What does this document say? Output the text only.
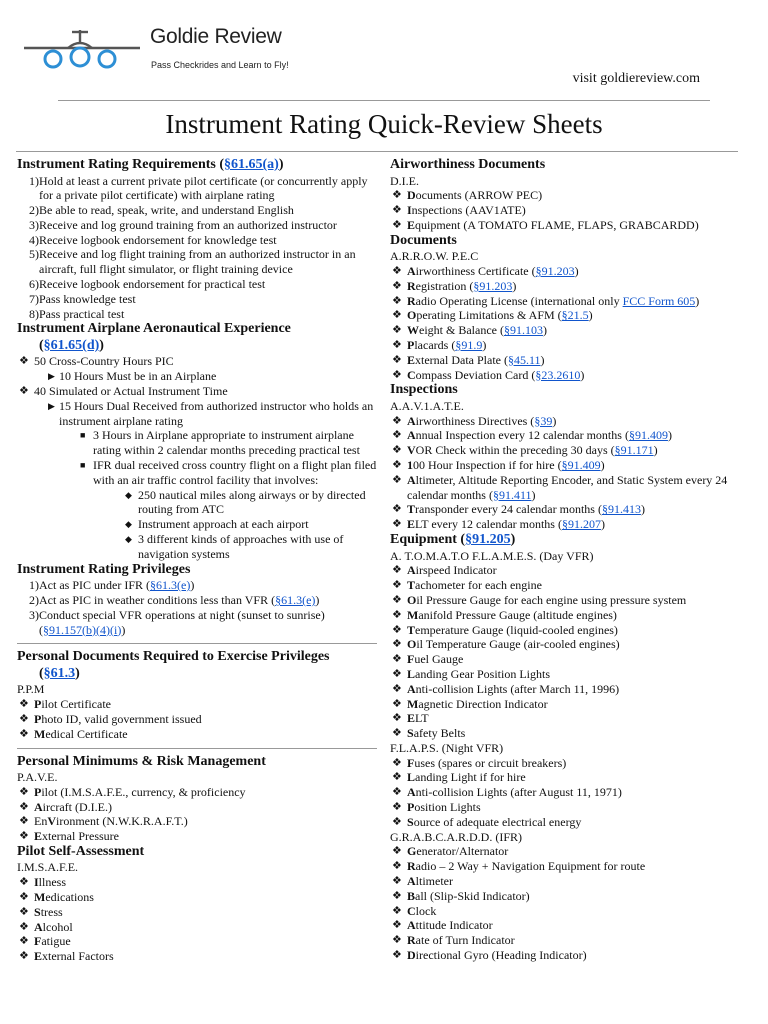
Goldie Review
Pass Checkrides and Learn to Fly!
visit goldiereview.com
Instrument Rating Quick-Review Sheets
Instrument Rating Requirements (§61.65(a))
1) Hold at least a current private pilot certificate (or concurrently apply for a private pilot certificate) with airplane rating
2) Be able to read, speak, write, and understand English
3) Receive and log ground training from an authorized instructor
4) Receive logbook endorsement for knowledge test
5) Receive and log flight training from an authorized instructor in an aircraft, full flight simulator, or flight training device
6) Receive logbook endorsement for practical test
7) Pass knowledge test
8) Pass practical test
Instrument Airplane Aeronautical Experience
(§61.65(d))
❖ 50 Cross-Country Hours PIC
▶ 10 Hours Must be in an Airplane
❖ 40 Simulated or Actual Instrument Time
▶ 15 Hours Dual Received from authorized instructor who holds an instrument airplane rating
■ 3 Hours in Airplane appropriate to instrument airplane rating within 2 calendar months preceding practical test
■ IFR dual received cross country flight on a flight plan filed with an air traffic control facility that involves:
◆ 250 nautical miles along airways or by directed routing from ATC
◆ Instrument approach at each airport
◆ 3 different kinds of approaches with use of navigation systems
Instrument Rating Privileges
1) Act as PIC under IFR (§61.3(e))
2) Act as PIC in weather conditions less than VFR (§61.3(e))
3) Conduct special VFR operations at night (sunset to sunrise)
(§91.157(b)(4)(i))
Personal Documents Required to Exercise Privileges
(§61.3)

P.P.M

❖ Pilot Certificate
❖ Photo ID, valid government issued
❖ Medical Certificate
Personal Minimums & Risk Management

P.A.V.E.

❖ Pilot (I.M.S.A.F.E., currency, & proficiency
❖ Aircraft (D.I.E.)
❖ EnVironment (N.W.K.R.A.F.T.)
❖ External Pressure
Pilot Self-Assessment

I.M.S.A.F.E.

❖ Illness
❖ Medications
❖ Stress
❖ Alcohol
❖ Fatigue
❖ External Factors
Airworthiness Documents

D.I.E.

❖ Documents (ARROW PEC)
❖ Inspections (AAV1ATE)
❖ Equipment (A TOMATO FLAME, FLAPS, GRABCARDD)
Documents

A.R.R.O.W. P.E.C

❖ Airworthiness Certificate (§91.203)
❖ Registration (§91.203)
❖ Radio Operating License (international only FCC Form 605)
❖ Operating Limitations & AFM (§21.5)
❖ Weight & Balance (§91.103)
❖ Placards (§91.9)
❖ External Data Plate (§45.11)
❖ Compass Deviation Card (§23.2610)
Inspections

A.A.V.1.A.T.E.

❖ Airworthiness Directives (§39)
❖ Annual Inspection every 12 calendar months (§91.409)
❖ VOR Check within the preceding 30 days (§91.171)
❖ 100 Hour Inspection if for hire (§91.409)
❖ Altimeter, Altitude Reporting Encoder, and Static System every 24 calendar months (§91.411)
❖ Transponder every 24 calendar months (§91.413)
❖ ELT every 12 calendar months (§91.207)
Equipment (§91.205)

A. T.O.M.A.T.O F.L.A.M.E.S. (Day VFR)

❖ Airspeed Indicator
❖ Tachometer for each engine
❖ Oil Pressure Gauge for each engine using pressure system
❖ Manifold Pressure Gauge (altitude engines)
❖ Temperature Gauge (liquid-cooled engines)
❖ Oil Temperature Gauge (air-cooled engines)
❖ Fuel Gauge
❖ Landing Gear Position Lights
❖ Anti-collision Lights (after March 11, 1996)
❖ Magnetic Direction Indicator
❖ ELT
❖ Safety Belts

F.L.A.P.S. (Night VFR)

❖ Fuses (spares or circuit breakers)
❖ Landing Light if for hire
❖ Anti-collision Lights (after August 11, 1971)
❖ Position Lights
❖ Source of adequate electrical energy

G.R.A.B.C.A.R.D.D. (IFR)

❖ Generator/Alternator
❖ Radio – 2 Way + Navigation Equipment for route
❖ Altimeter
❖ Ball (Slip-Skid Indicator)
❖ Clock
❖ Attitude Indicator
❖ Rate of Turn Indicator
❖ Directional Gyro (Heading Indicator)
